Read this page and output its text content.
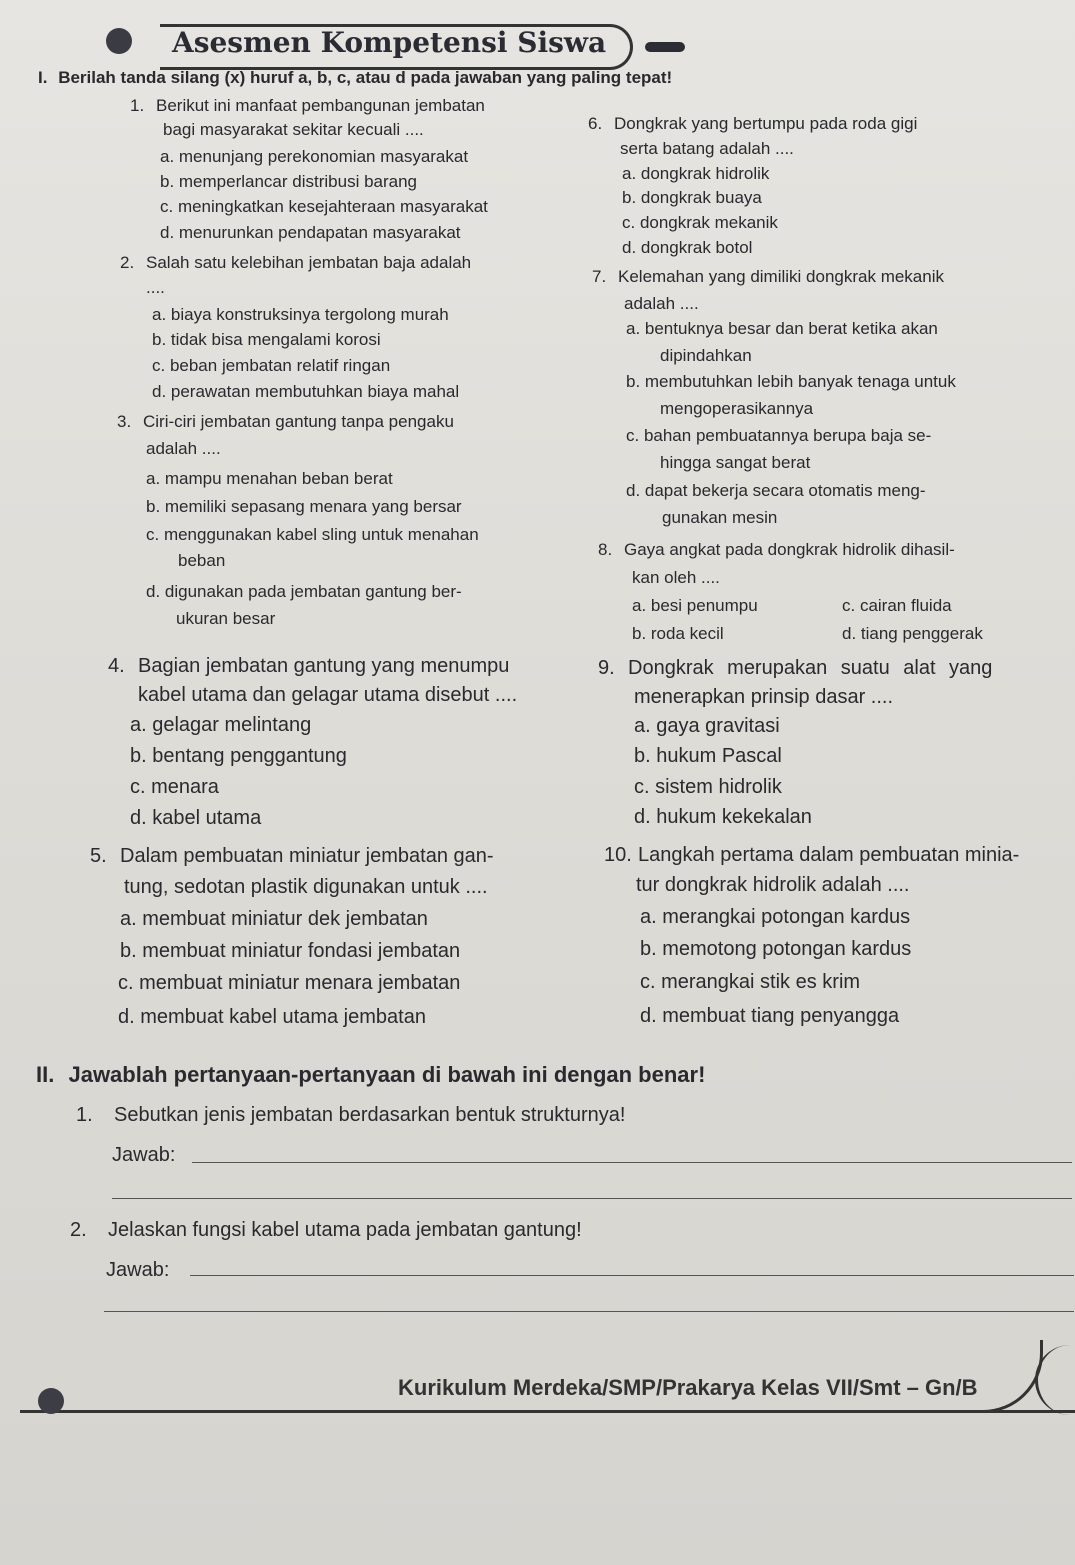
Asesmen Kompetensi Siswa
I. Berilah tanda silang (x) huruf a, b, c, atau d pada jawaban yang paling tepat!
1. Berikut ini manfaat pembangunan jembatan
bagi masyarakat sekitar kecuali ....
a. menunjang perekonomian masyarakat
b. memperlancar distribusi barang
c. meningkatkan kesejahteraan masyarakat
d. menurunkan pendapatan masyarakat
2. Salah satu kelebihan jembatan baja adalah
....
a. biaya konstruksinya tergolong murah
b. tidak bisa mengalami korosi
c. beban jembatan relatif ringan
d. perawatan membutuhkan biaya mahal
3. Ciri-ciri jembatan gantung tanpa pengaku
adalah ....
a. mampu menahan beban berat
b. memiliki sepasang menara yang bersar
c. menggunakan kabel sling untuk menahan
beban
d. digunakan pada jembatan gantung ber-
ukuran besar
4. Bagian jembatan gantung yang menumpu
kabel utama dan gelagar utama disebut ....
a. gelagar melintang
b. bentang penggantung
c. menara
d. kabel utama
5. Dalam pembuatan miniatur jembatan gan-
tung, sedotan plastik digunakan untuk ....
a. membuat miniatur dek jembatan
b. membuat miniatur fondasi jembatan
c. membuat miniatur menara jembatan
d. membuat kabel utama jembatan
6. Dongkrak yang bertumpu pada roda gigi
serta batang adalah ....
a. dongkrak hidrolik
b. dongkrak buaya
c. dongkrak mekanik
d. dongkrak botol
7. Kelemahan yang dimiliki dongkrak mekanik
adalah ....
a. bentuknya besar dan berat ketika akan
dipindahkan
b. membutuhkan lebih banyak tenaga untuk
mengoperasikannya
c. bahan pembuatannya berupa baja se-
hingga sangat berat
d. dapat bekerja secara otomatis meng-
gunakan mesin
8. Gaya angkat pada dongkrak hidrolik dihasil-
kan oleh ....
a. besi penumpu	c. cairan fluida
b. roda kecil	d. tiang penggerak
9. Dongkrak merupakan suatu alat yang
menerapkan prinsip dasar ....
a. gaya gravitasi
b. hukum Pascal
c. sistem hidrolik
d. hukum kekekalan
10. Langkah pertama dalam pembuatan minia-
tur dongkrak hidrolik adalah ....
a. merangkai potongan kardus
b. memotong potongan kardus
c. merangkai stik es krim
d. membuat tiang penyangga
II. Jawablah pertanyaan-pertanyaan di bawah ini dengan benar!
1. Sebutkan jenis jembatan berdasarkan bentuk strukturnya!
Jawab:
2. Jelaskan fungsi kabel utama pada jembatan gantung!
Jawab:
Kurikulum Merdeka/SMP/Prakarya Kelas VII/Smt – Gn/B
